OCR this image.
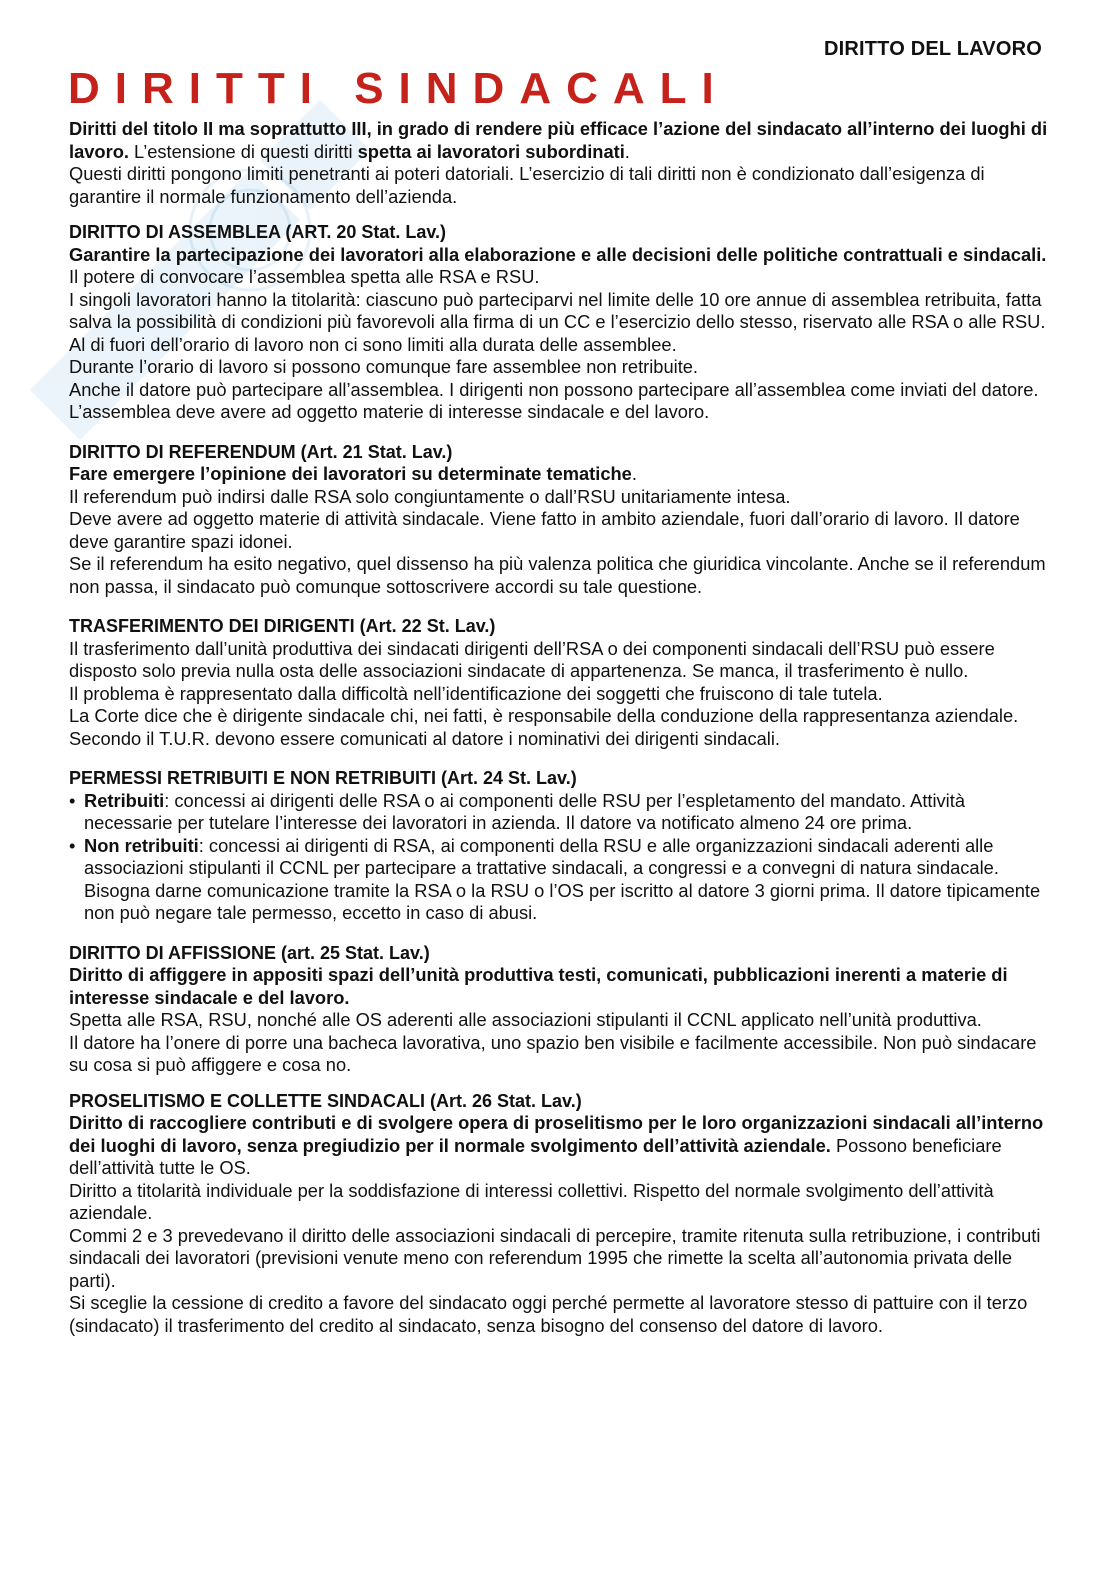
DIRITTO DEL LAVORO
DIRITTI SINDACALI

Diritti del titolo II ma soprattutto III, in grado di rendere più efficace l’azione del sindacato all’interno dei luoghi di lavoro. L’estensione di questi diritti spetta ai lavoratori subordinati.

Questi diritti pongono limiti penetranti ai poteri datoriali. L’esercizio di tali diritti non è condizionato dall’esigenza di garantire il normale funzionamento dell’azienda.

DIRITTO DI ASSEMBLEA (ART. 20 Stat. Lav.)

Garantire la partecipazione dei lavoratori alla elaborazione e alle decisioni delle politiche contrattuali e sindacali. Il potere di convocare l’assemblea spetta alle RSA e RSU.

I singoli lavoratori hanno la titolarità: ciascuno può parteciparvi nel limite delle 10 ore annue di assemblea retribuita, fatta salva la possibilità di condizioni più favorevoli alla firma di un CC e l’esercizio dello stesso, riservato alle RSA o alle RSU. Al di fuori dell’orario di lavoro non ci sono limiti alla durata delle assemblee.

Durante l’orario di lavoro si possono comunque fare assemblee non retribuite.

Anche il datore può partecipare all’assemblea. I dirigenti non possono partecipare all’assemblea come inviati del datore.

L’assemblea deve avere ad oggetto materie di interesse sindacale e del lavoro.

DIRITTO DI REFERENDUM (Art. 21 Stat. Lav.)

Fare emergere l’opinione dei lavoratori su determinate tematiche.

Il referendum può indirsi dalle RSA solo congiuntamente o dall’RSU unitariamente intesa.

Deve avere ad oggetto materie di attività sindacale. Viene fatto in ambito aziendale, fuori dall’orario di lavoro. Il datore deve garantire spazi idonei.

Se il referendum ha esito negativo, quel dissenso ha più valenza politica che giuridica vincolante. Anche se il referendum non passa, il sindacato può comunque sottoscrivere accordi su tale questione.

TRASFERIMENTO DEI DIRIGENTI (Art. 22 St. Lav.)

Il trasferimento dall’unità produttiva dei sindacati dirigenti dell’RSA o dei componenti sindacali dell’RSU può essere disposto solo previa nulla osta delle associazioni sindacate di appartenenza. Se manca, il trasferimento è nullo.

Il problema è rappresentato dalla difficoltà nell’identificazione dei soggetti che fruiscono di tale tutela.

La Corte dice che è dirigente sindacale chi, nei fatti, è responsabile della conduzione della rappresentanza aziendale. Secondo il T.U.R. devono essere comunicati al datore i nominativi dei dirigenti sindacali.

PERMESSI RETRIBUITI E NON RETRIBUITI (Art. 24 St. Lav.)

• Retribuiti: concessi ai dirigenti delle RSA o ai componenti delle RSU per l’espletamento del mandato. Attività necessarie per tutelare l’interesse dei lavoratori in azienda. Il datore va notificato almeno 24 ore prima.
• Non retribuiti: concessi ai dirigenti di RSA, ai componenti della RSU e alle organizzazioni sindacali aderenti alle associazioni stipulanti il CCNL per partecipare a trattative sindacali, a congressi e a convegni di natura sindacale. Bisogna darne comunicazione tramite la RSA o la RSU o l’OS per iscritto al datore 3 giorni prima. Il datore tipicamente non può negare tale permesso, eccetto in caso di abusi.

DIRITTO DI AFFISSIONE (art. 25 Stat. Lav.)

Diritto di affiggere in appositi spazi dell’unità produttiva testi, comunicati, pubblicazioni inerenti a materie di interesse sindacale e del lavoro.

Spetta alle RSA, RSU, nonché alle OS aderenti alle associazioni stipulanti il CCNL applicato nell’unità produttiva.

Il datore ha l’onere di porre una bacheca lavorativa, uno spazio ben visibile e facilmente accessibile. Non può sindacare su cosa si può affiggere e cosa no.

PROSELITISMO E COLLETTE SINDACALI (Art. 26 Stat. Lav.)

Diritto di raccogliere contributi e di svolgere opera di proselitismo per le loro organizzazioni sindacali all’interno dei luoghi di lavoro, senza pregiudizio per il normale svolgimento dell’attività aziendale. Possono beneficiare dell’attività tutte le OS.

Diritto a titolarità individuale per la soddisfazione di interessi collettivi. Rispetto del normale svolgimento dell’attività aziendale.

Commi 2 e 3 prevedevano il diritto delle associazioni sindacali di percepire, tramite ritenuta sulla retribuzione, i contributi sindacali dei lavoratori (previsioni venute meno con referendum 1995 che rimette la scelta all’autonomia privata delle parti).

Si sceglie la cessione di credito a favore del sindacato oggi perché permette al lavoratore stesso di pattuire con il terzo (sindacato) il trasferimento del credito al sindacato, senza bisogno del consenso del datore di lavoro.
